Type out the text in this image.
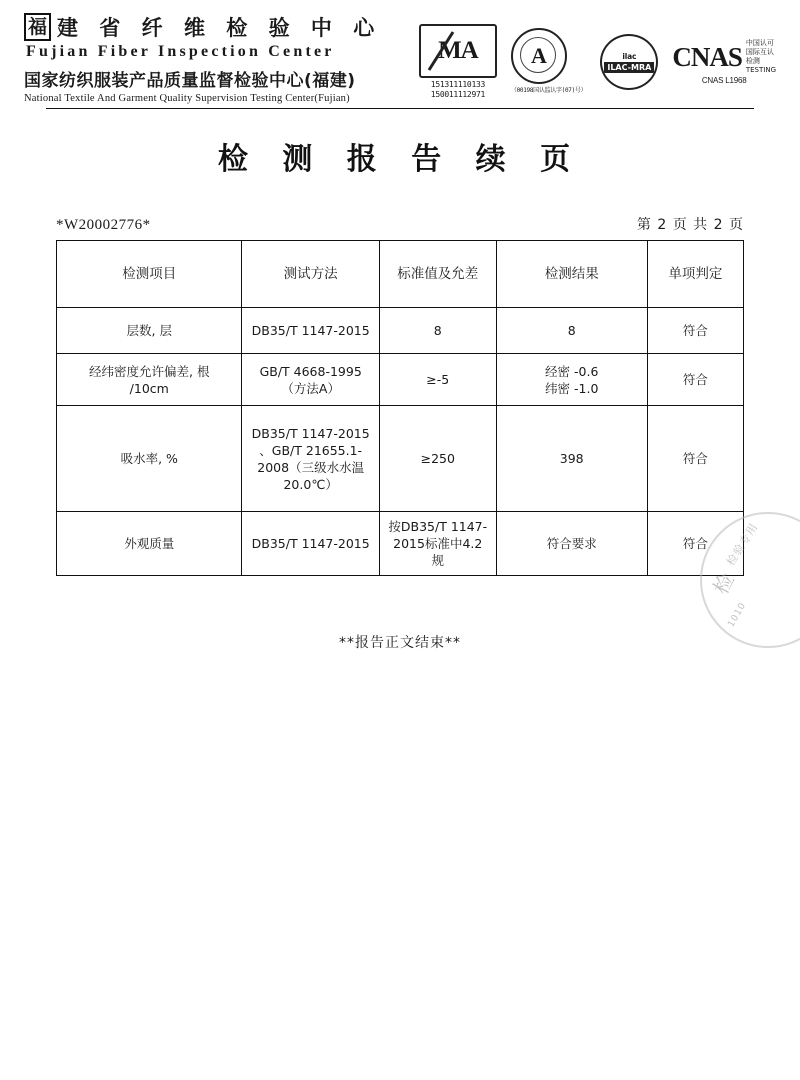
福 建 省 纤 维 检 验 中 心
Fujian Fiber Inspection Center
国家纺织服装产品质量监督检验中心(福建)
National Textile And Garment Quality Supervision Testing Center(Fujian)
MA
151311110133
150011112971
A
（00198国认监认字(07)号）
ilac
ILAC-MRA CNAS 中国认可
国际互认
检测
TESTING
CNAS L1968
检 测 报 告 续 页
*W20002776*	第 2 页 共 2 页
检测项目	测试方法	标准值及允差	检测结果	单项判定
层数, 层	DB35/T 1147-2015	8	8	符合
经纬密度允许偏差, 根
/10cm	GB/T 4668-1995
（方法A）	≥-5	经密 -0.6
纬密 -1.0	符合
吸水率, %	DB35/T 1147-2015
、GB/T 21655.1-
2008（三级水水温
20.0℃）	≥250	398	符合
外观质量	DB35/T 1147-2015	按DB35/T 1147-
2015标准中4.2
规	符合要求	符合
**报告正文结束**
检验专用
检
1010
